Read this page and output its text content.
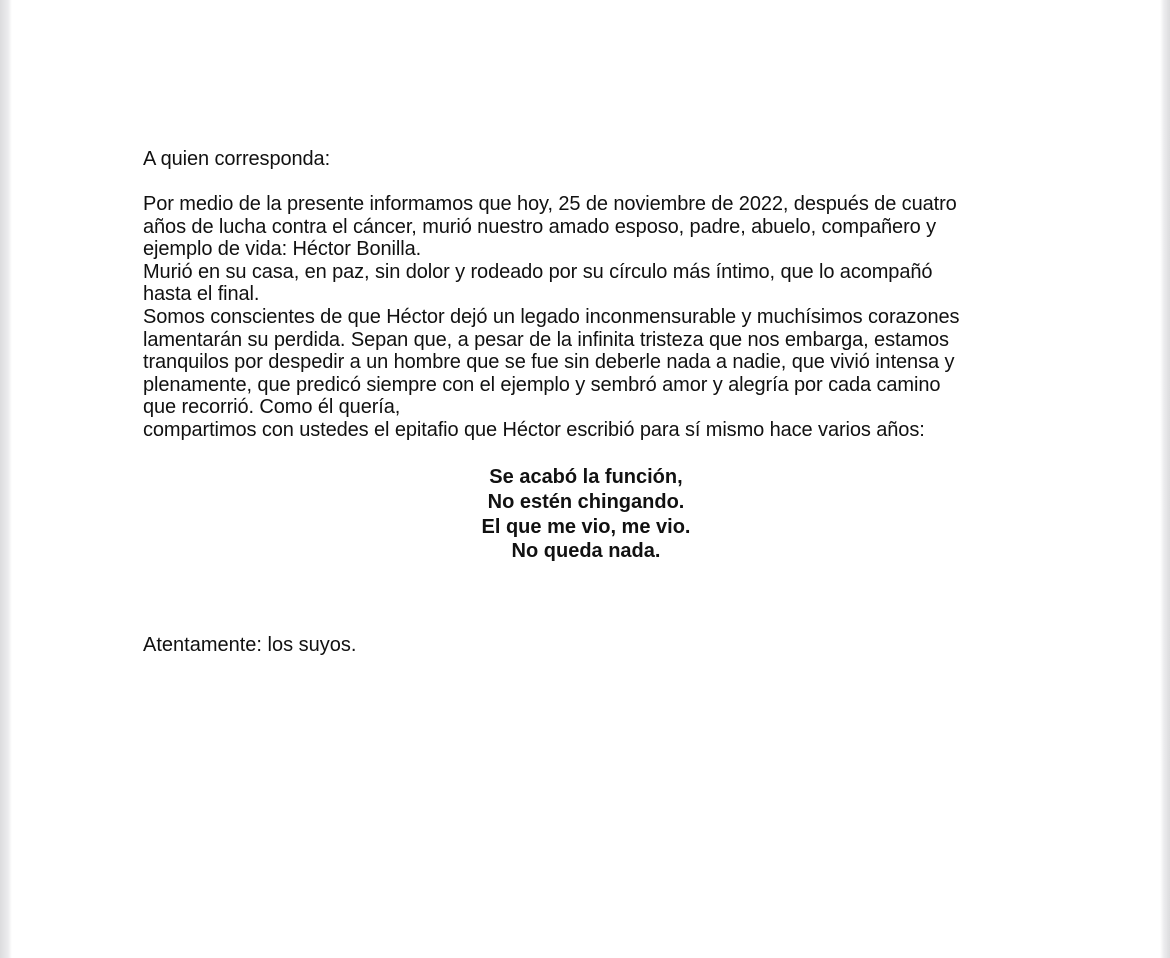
A quien corresponda:
Por medio de la presente informamos que hoy, 25 de noviembre de 2022, después de cuatro
años de lucha contra el cáncer, murió nuestro amado esposo, padre, abuelo, compañero y
ejemplo de vida: Héctor Bonilla.
Murió en su casa, en paz, sin dolor y rodeado por su círculo más íntimo, que lo acompañó
hasta el final.
Somos conscientes de que Héctor dejó un legado inconmensurable y muchísimos corazones
lamentarán su perdida. Sepan que, a pesar de la infinita tristeza que nos embarga, estamos
tranquilos por despedir a un hombre que se fue sin deberle nada a nadie, que vivió intensa y
plenamente, que predicó siempre con el ejemplo y sembró amor y alegría por cada camino
que recorrió. Como él quería,
compartimos con ustedes el epitafio que Héctor escribió para sí mismo hace varios años:
Se acabó la función,
No estén chingando.
El que me vio, me vio.
No queda nada.
Atentamente: los suyos.
